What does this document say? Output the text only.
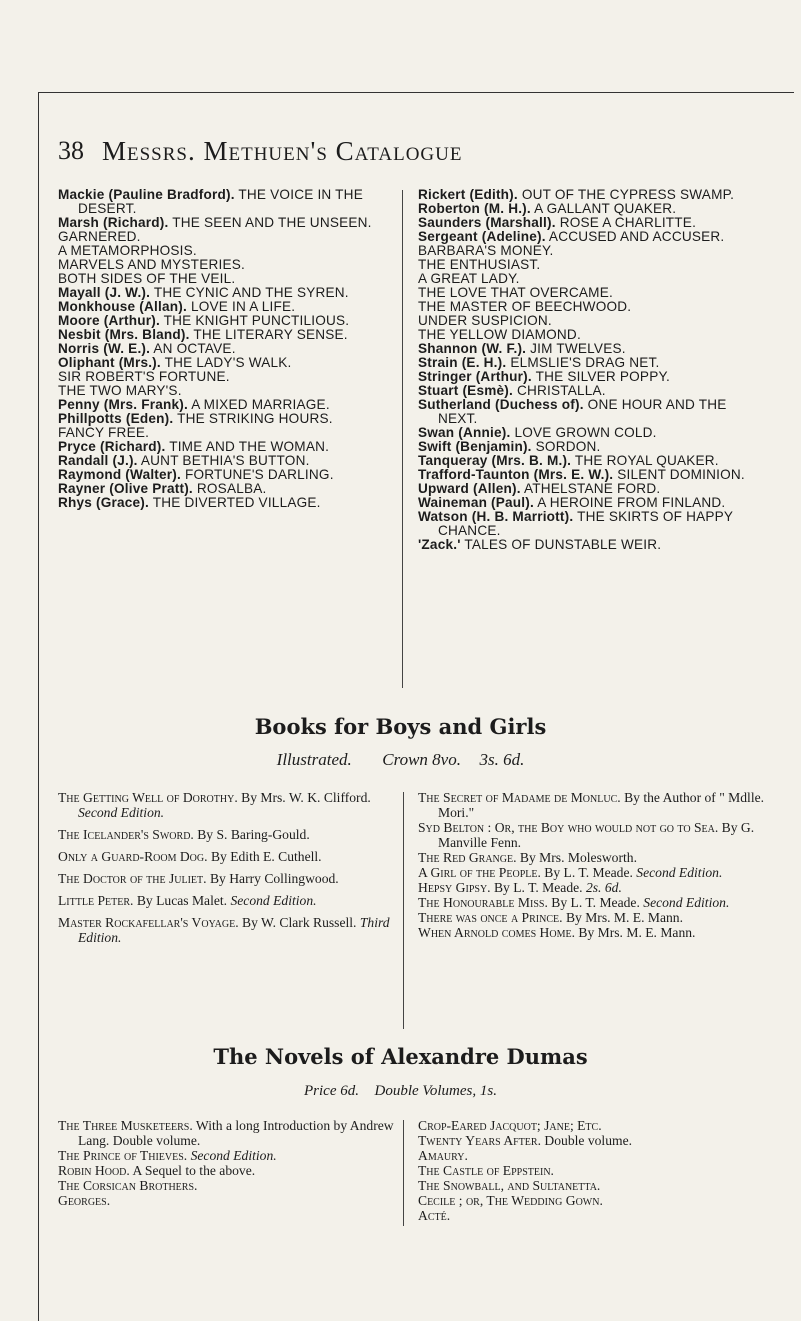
38 Messrs. Methuen's Catalogue

Mackie (Pauline Bradford). THE VOICE IN THE DESERT.

Marsh (Richard). THE SEEN AND THE UNSEEN.

GARNERED.

A METAMORPHOSIS.

MARVELS AND MYSTERIES.

BOTH SIDES OF THE VEIL.

Mayall (J. W.). THE CYNIC AND THE SYREN.

Monkhouse (Allan). LOVE IN A LIFE.

Moore (Arthur). THE KNIGHT PUNCTILIOUS.

Nesbit (Mrs. Bland). THE LITERARY SENSE.

Norris (W. E.). AN OCTAVE.

Oliphant (Mrs.). THE LADY'S WALK.

SIR ROBERT'S FORTUNE.

THE TWO MARY'S.

Penny (Mrs. Frank). A MIXED MARRIAGE.

Phillpotts (Eden). THE STRIKING HOURS.

FANCY FREE.

Pryce (Richard). TIME AND THE WOMAN.

Randall (J.). AUNT BETHIA'S BUTTON.

Raymond (Walter). FORTUNE'S DARLING.

Rayner (Olive Pratt). ROSALBA.

Rhys (Grace). THE DIVERTED VILLAGE.

Rickert (Edith). OUT OF THE CYPRESS SWAMP.

Roberton (M. H.). A GALLANT QUAKER.

Saunders (Marshall). ROSE A CHARLITTE.

Sergeant (Adeline). ACCUSED AND ACCUSER.

BARBARA'S MONEY.

THE ENTHUSIAST.

A GREAT LADY.

THE LOVE THAT OVERCAME.

THE MASTER OF BEECHWOOD.

UNDER SUSPICION.

THE YELLOW DIAMOND.

Shannon (W. F.). JIM TWELVES.

Strain (E. H.). ELMSLIE'S DRAG NET.

Stringer (Arthur). THE SILVER POPPY.

Stuart (Esmè). CHRISTALLA.

Sutherland (Duchess of). ONE HOUR AND THE NEXT.

Swan (Annie). LOVE GROWN COLD.

Swift (Benjamin). SORDON.

Tanqueray (Mrs. B. M.). THE ROYAL QUAKER.

Trafford-Taunton (Mrs. E. W.). SILENT DOMINION.

Upward (Allen). ATHELSTANE FORD.

Waineman (Paul). A HEROINE FROM FINLAND.

Watson (H. B. Marriott). THE SKIRTS OF HAPPY CHANCE.

'Zack.' TALES OF DUNSTABLE WEIR.

Books for Boys and Girls
Illustrated. Crown 8vo. 3s. 6d.

The Getting Well of Dorothy. By Mrs. W. K. Clifford. Second Edition.

The Icelander's Sword. By S. Baring-Gould.

Only a Guard-Room Dog. By Edith E. Cuthell.

The Doctor of the Juliet. By Harry Collingwood.

Little Peter. By Lucas Malet. Second Edition.

Master Rockafellar's Voyage. By W. Clark Russell. Third Edition.

The Secret of Madame de Monluc. By the Author of " Mdlle. Mori."

Syd Belton : Or, the Boy who would not go to Sea. By G. Manville Fenn.

The Red Grange. By Mrs. Molesworth.

A Girl of the People. By L. T. Meade. Second Edition.

Hepsy Gipsy. By L. T. Meade. 2s. 6d.

The Honourable Miss. By L. T. Meade. Second Edition.

There was once a Prince. By Mrs. M. E. Mann.

When Arnold comes Home. By Mrs. M. E. Mann.

The Novels of Alexandre Dumas
Price 6d. Double Volumes, 1s.

The Three Musketeers. With a long Introduction by Andrew Lang. Double volume.

The Prince of Thieves. Second Edition.

Robin Hood. A Sequel to the above.

The Corsican Brothers.

Georges.

Crop-Eared Jacquot; Jane; Etc.

Twenty Years After. Double volume.

Amaury.

The Castle of Eppstein.

The Snowball, and Sultanetta.

Cecile ; or, The Wedding Gown.

Acté.
